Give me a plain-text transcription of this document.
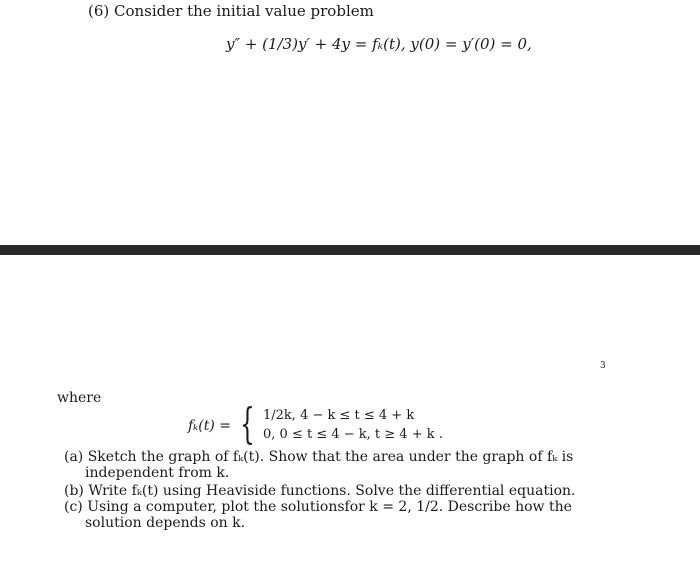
(6) Consider the initial value problem
y″ + (1/3)y′ + 4y = fₖ(t), y(0) = y′(0) = 0,
3
where
fₖ(t) = { 1/2k, 4 − k ≤ t ≤ 4 + k
0, 0 ≤ t ≤ 4 − k, t ≥ 4 + k .
(a) Sketch the graph of fₖ(t). Show that the area under the graph of fₖ is independent from k.
(b) Write fₖ(t) using Heaviside functions. Solve the differential equation.
(c) Using a computer, plot the solutionsfor k = 2, 1/2. Describe how the solution depends on k.
